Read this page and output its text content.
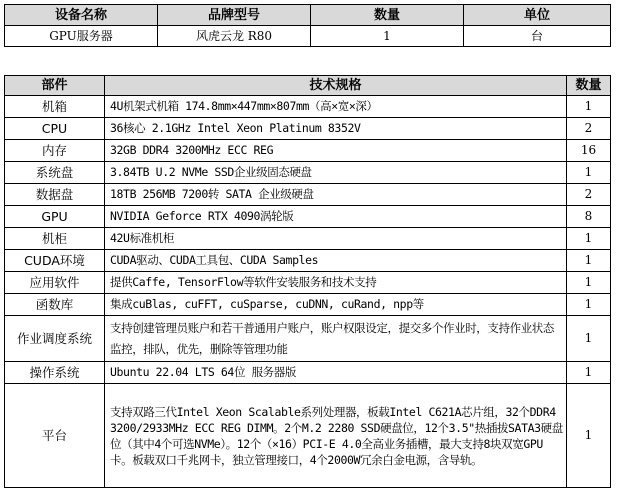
设备名称	品牌型号	数量	单位
GPU服务器	风虎云龙 R80	1	台
部件	技术规格	数量
机箱	4U机架式机箱 174.8mm×447mm×807mm（高×宽×深）	1
CPU	36核心 2.1GHz Intel Xeon Platinum 8352V	2
内存	32GB DDR4 3200MHz ECC REG	16
系统盘	3.84TB U.2 NVMe SSD企业级固态硬盘	1
数据盘	18TB 256MB 7200转 SATA 企业级硬盘	2
GPU	NVIDIA Geforce RTX 4090涡轮版	8
机柜	42U标准机柜	1
CUDA环境	CUDA驱动、CUDA工具包、CUDA Samples	1
应用软件	提供Caffe, TensorFlow等软件安装服务和技术支持	1
函数库	集成cuBlas, cuFFT, cuSparse, cuDNN, cuRand, npp等	1
作业调度系统	支持创建管理员账户和若干普通用户账户，账户权限设定，提交多个作业时，支持作业状态监控，排队，优先，删除等管理功能	1
操作系统	Ubuntu 22.04 LTS 64位 服务器版	1
平台	支持双路三代Intel Xeon Scalable系列处理器，板载Intel C621A芯片组，32个DDR4 3200/2933MHz ECC REG DIMM。2个M.2 2280 SSD硬盘位，12个3.5"热插拔SATA3硬盘位（其中4个可选NVMe）。12个（×16）PCI-E 4.0全高业务插槽，最大支持8块双宽GPU卡。板载双口千兆网卡，独立管理接口，4个2000W冗余白金电源，含导轨。	1
